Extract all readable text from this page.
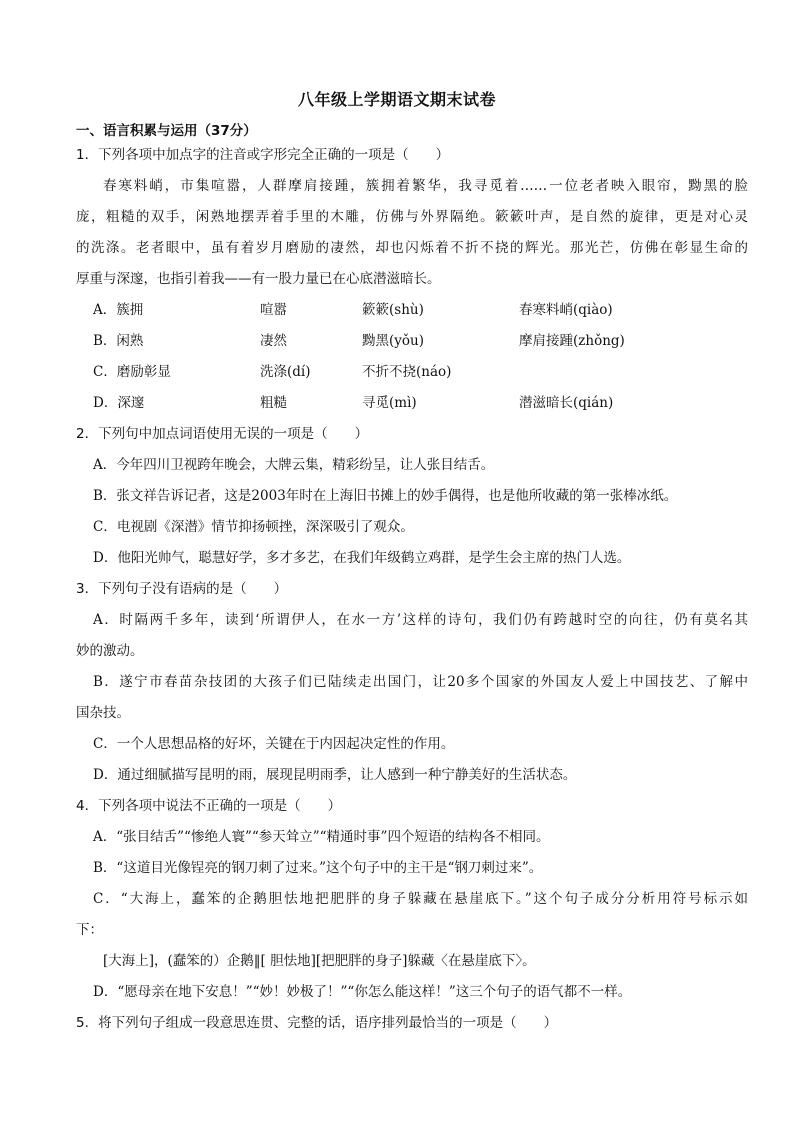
八年级上学期语文期末试卷
一、语言积累与运用（37分）
1．下列各项中加点字的注音或字形完全正确的一项是（　　）
春寒料峭，市集喧嚣，人群摩肩接踵，簇拥着繁华，我寻觅着……一位老者映入眼帘，黝黑的脸
庞，粗糙的双手，闲熟地摆弄着手里的木雕，仿佛与外界隔绝。簌簌叶声，是自然的旋律，更是对心灵
的洗涤。老者眼中，虽有着岁月磨励的凄然，却也闪烁着不折不挠的辉光。那光芒，仿佛在彰显生命的
厚重与深邃，也指引着我——有一股力量已在心底潜滋暗长。
A．簇拥	喧嚣	簌簌(shù)	春寒料峭(qiào)
B．闲熟	凄然	黝黑(yǒu)	摩肩接踵(zhǒng)
C．磨励彰显	洗涤(dí)	不折不挠(náo)
D．深邃	粗糙	寻觅(mì)	潜滋暗长(qián)
2．下列句中加点词语使用无误的一项是（　　）
A．今年四川卫视跨年晚会，大牌云集，精彩纷呈，让人张目结舌。
B．张文祥告诉记者，这是2003年时在上海旧书摊上的妙手偶得，也是他所收藏的第一张棒冰纸。
C．电视剧《深潜》情节抑扬顿挫，深深吸引了观众。
D．他阳光帅气，聪慧好学，多才多艺，在我们年级鹤立鸡群，是学生会主席的热门人选。
3．下列句子没有语病的是（　　）
A．时隔两千多年，读到‘所谓伊人，在水一方’这样的诗句，我们仍有跨越时空的向往，仍有莫名其
妙的激动。
B．遂宁市春苗杂技团的大孩子们已陆续走出国门，让20多个国家的外国友人爱上中国技艺、了解中
国杂技。
C．一个人思想品格的好坏，关键在于内因起决定性的作用。
D．通过细腻描写昆明的雨，展现昆明雨季，让人感到一种宁静美好的生活状态。
4．下列各项中说法不正确的一项是（　　）
A．“张目结舌”“惨绝人寰”“参天耸立”“精通时事”四个短语的结构各不相同。
B．“这道目光像锃亮的钢刀刺了过来。”这个句子中的主干是“钢刀刺过来”。
C．“大海上，蠢笨的企鹅胆怯地把肥胖的身子躲藏在悬崖底下。”这个句子成分分析用符号标示如
下：
[大海上]，(蠢笨的）企鹅‖[ 胆怯地][把肥胖的身子]躲藏〈在悬崖底下〉。
D．“愿母亲在地下安息！”“妙！妙极了！”“你怎么能这样！”这三个句子的语气都不一样。
5．将下列句子组成一段意思连贯、完整的话，语序排列最恰当的一项是（　　）
